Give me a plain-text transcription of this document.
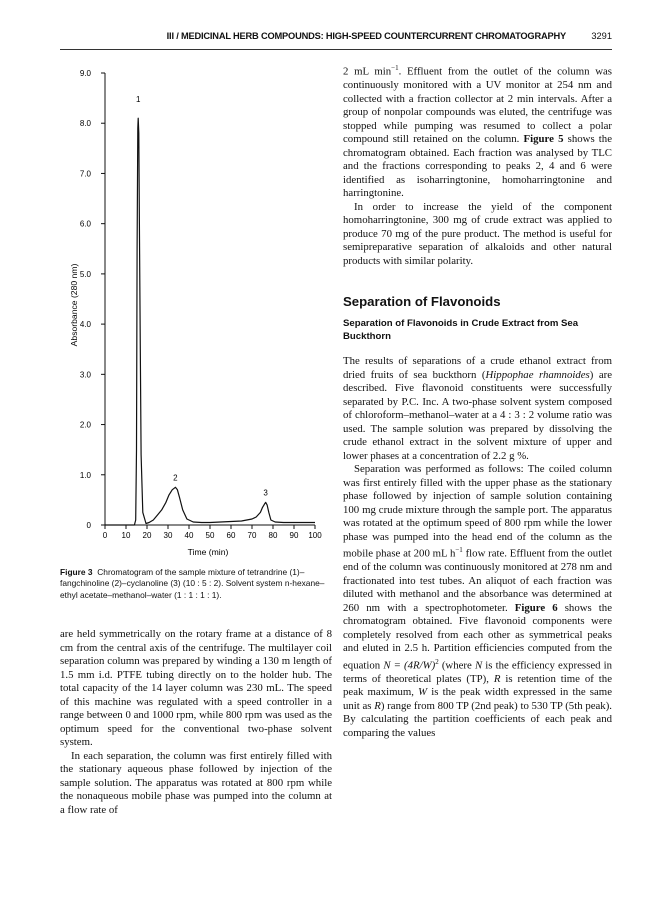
III / MEDICINAL HERB COMPOUNDS: HIGH-SPEED COUNTERCURRENT CHROMATOGRAPHY	3291
0
1.0
2.0
3.0
4.0
5.0
6.0
7.0
8.0
9.0
0 10 20 30 40 50 60 70 80 90 100
1
2
3
Time (min)
Absorbance (280 nm)
Figure 3 Chromatogram of the sample mixture of tetrandrine (1)–fangchinoline (2)–cyclanoline (3) (10 : 5 : 2). Solvent system n-hexane–ethyl acetate–methanol–water (1 : 1 : 1 : 1).

are held symmetrically on the rotary frame at a distance of 8 cm from the central axis of the centrifuge. The multilayer coil separation column was prepared by winding a 130 m length of 1.5 mm i.d. PTFE tubing directly on to the holder hub. The total capacity of the 14 layer column was 230 mL. The speed of this machine was regulated with a speed controller in a range between 0 and 1000 rpm, while 800 rpm was used as the optimum speed for the conventional two-phase solvent system.

In each separation, the column was first entirely filled with the stationary aqueous phase followed by injection of the sample solution. The apparatus was rotated at 800 rpm while the nonaqueous mobile phase was pumped into the column at a flow rate of

2 mL $\min^{-1}$. Effluent from the outlet of the column was continuously monitored with a UV monitor at 254 nm and collected with a fraction collector at 2 min intervals. After a group of nonpolar compounds was eluted, the centrifuge was stopped while pumping was resumed to collect a polar compound still retained on the column. Figure 5 shows the chromatogram obtained. Each fraction was analysed by TLC and the fractions corresponding to peaks 2, 4 and 6 were identified as isoharringtonine, homoharringtonine and harringtonine.

In order to increase the yield of the component homoharringtonine, 300 mg of crude extract was applied to produce 70 mg of the pure product. The method is useful for semipreparative separation of alkaloids and other natural products with similar polarity.

Separation of Flavonoids
Separation of Flavonoids in Crude Extract from Sea Buckthorn

The results of separations of a crude ethanol extract from dried fruits of sea buckthorn (Hippophae rhamnoides) are described. Five flavonoid constituents were successfully separated by P.C. Inc. A two-phase solvent system composed of chloroform–methanol–water at a 4 : 3 : 2 volume ratio was used. The sample solution was prepared by dissolving the crude ethanol extract in the solvent mixture of upper and lower phases at a concentration of 2.2 g %.

Separation was performed as follows: The coiled column was first entirely filled with the upper phase as the stationary phase followed by injection of sample solution containing 100 mg crude mixture through the sample port. The apparatus was rotated at the optimum speed of 800 rpm while the lower phase was pumped into the head end of the column as the mobile phase at 200 mL $h^{-1}$ flow rate. Effluent from the outlet end of the column was continuously monitored at 278 nm and fractionated into test tubes. An aliquot of each fraction was diluted with methanol and the absorbance was determined at 260 nm with a spectrophotometer. Figure 6 shows the chromatogram obtained. Five flavonoid components were completely resolved from each other as symmetrical peaks and eluted in 2.5 h. Partition efficiencies computed from the equation $N = (4R/W)^2$ (where N is the efficiency expressed in terms of theoretical plates (TP), R is retention time of the peak maximum, W is the peak width expressed in the same unit as R) range from 800 TP (2nd peak) to 530 TP (5th peak). By calculating the partition coefficients of each peak and comparing the values
